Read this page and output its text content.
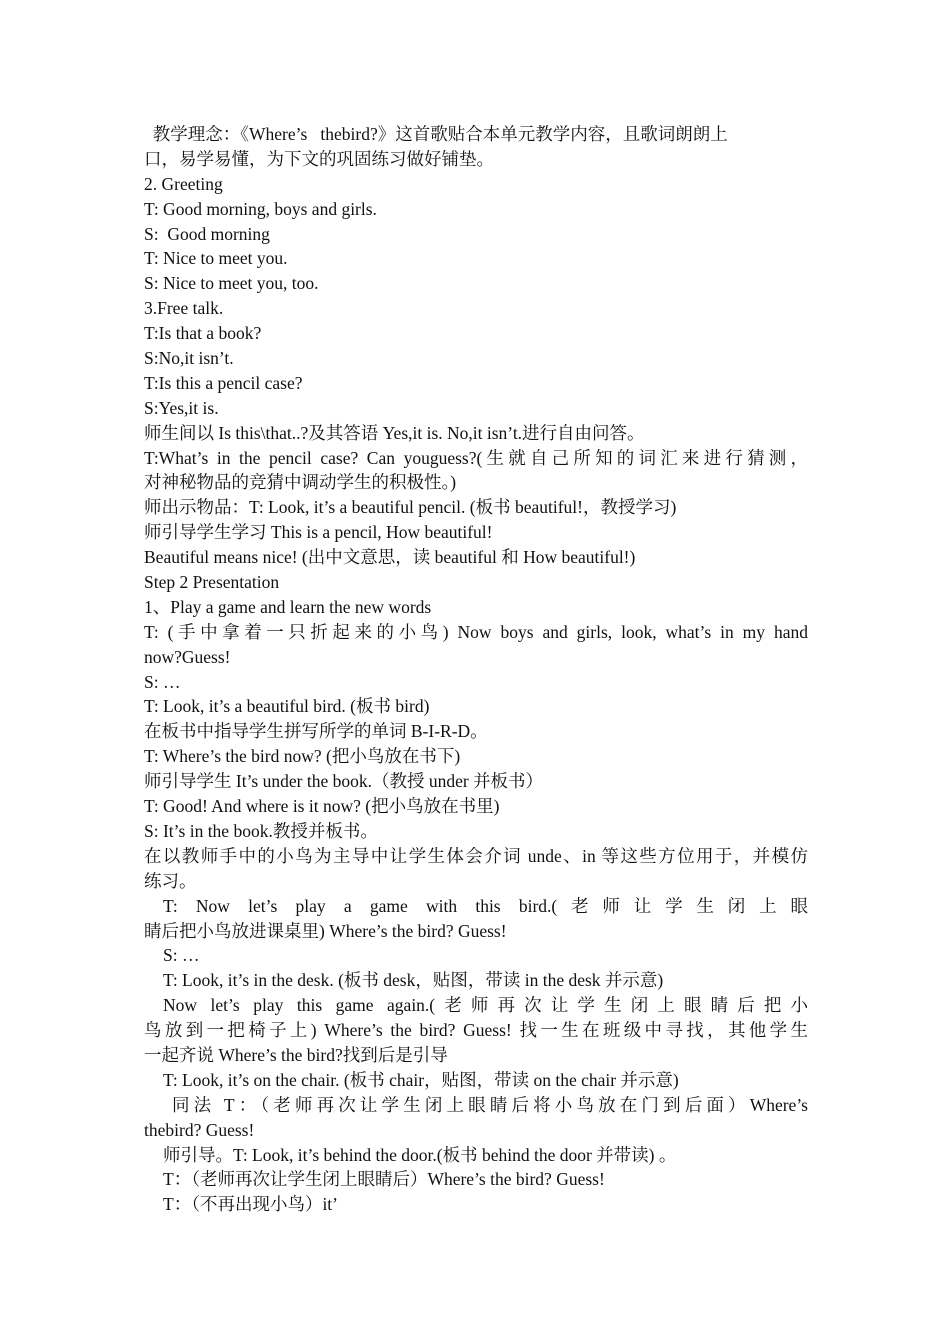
教学理念：《Where’s   thebird?》这首歌贴合本单元教学内容，且歌词朗朗上
口，易学易懂，为下文的巩固练习做好铺垫。
2. Greeting
T: Good morning, boys and girls.
S:  Good morning
T: Nice to meet you.
S: Nice to meet you, too.
3.Free talk.
T:Is that a book?
S:No,it isn’t.
T:Is this a pencil case?
S:Yes,it is.
师生间以 Is this\that..?及其答语 Yes,it is. No,it isn’t.进行自由问答。
T:What’s in the pencil case? Can youguess?(生就自己所知的词汇来进行猜测，
对神秘物品的竞猜中调动学生的积极性。)
师出示物品：T: Look, it’s a beautiful pencil. (板书 beautiful!，教授学习)
师引导学生学习 This is a pencil, How beautiful!
Beautiful means nice! (出中文意思，读 beautiful 和 How beautiful!)
Step 2 Presentation
1、Play a game and learn the new words
T: (手中拿着一只折起来的小鸟) Now boys and girls, look, what’s in my hand
now?Guess!
S: …
T: Look, it’s a beautiful bird. (板书 bird)
在板书中指导学生拼写所学的单词 B-I-R-D。
T: Where’s the bird now? (把小鸟放在书下)
师引导学生 It’s under the book.（教授 under 并板书）
T: Good! And where is it now? (把小鸟放在书里)
S: It’s in the book.教授并板书。
在以教师手中的小鸟为主导中让学生体会介词 unde、in 等这些方位用于，并模仿
练习。
T: Now let’s play a game with this bird.(老师让学生闭上眼
睛后把小鸟放进课桌里) Where’s the bird? Guess!
S: …
T: Look, it’s in the desk. (板书 desk，贴图，带读 in the desk 并示意)
Now let’s play this game again.(老师再次让学生闭上眼睛后把小
鸟放到一把椅子上) Where’s the bird? Guess! 找一生在班级中寻找，其他学生
一起齐说 Where’s the bird?找到后是引导
T: Look, it’s on the chair. (板书 chair，贴图，带读 on the chair 并示意)
同法 T：（老师再次让学生闭上眼睛后将小鸟放在门到后面）Where’s
thebird? Guess!
师引导。T: Look, it’s behind the door.(板书 behind the door 并带读) 。
T：（老师再次让学生闭上眼睛后）Where’s the bird? Guess!
T：（不再出现小鸟）it’
